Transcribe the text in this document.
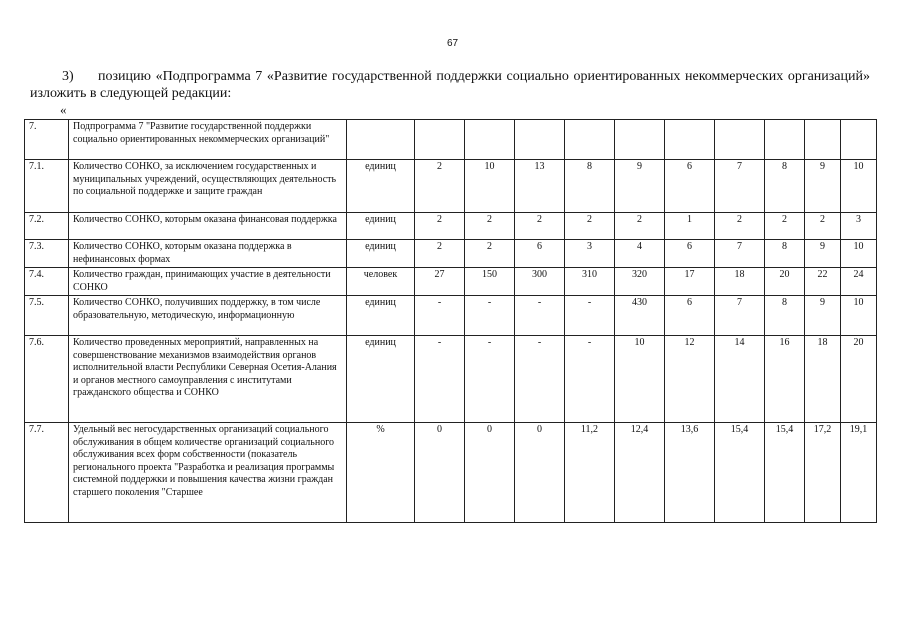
67
3) позицию «Подпрограмма 7 «Развитие государственной поддержки социально ориентированных некоммерческих организаций» изложить в следующей редакции:
«
7.	Подпрограмма 7 "Развитие государственной поддержки социально ориентированных некоммерческих организаций"											
7.1.	Количество СОНКО, за исключением государственных и муниципальных учреждений, осуществляющих деятельность по социальной поддержке и защите граждан	единиц	2	10	13	8	9	6	7	8	9	10
7.2.	Количество СОНКО, которым оказана финансовая поддержка	единиц	2	2	2	2	2	1	2	2	2	3
7.3.	Количество СОНКО, которым оказана поддержка в нефинансовых формах	единиц	2	2	6	3	4	6	7	8	9	10
7.4.	Количество граждан, принимающих участие в деятельности СОНКО	человек	27	150	300	310	320	17	18	20	22	24
7.5.	Количество СОНКО, получивших поддержку, в том числе образовательную, методическую, информационную	единиц	-	-	-	-	430	6	7	8	9	10
7.6.	Количество проведенных мероприятий, направленных на совершенствование механизмов взаимодействия органов исполнительной власти Республики Северная Осетия-Алания и органов местного самоуправления с институтами гражданского общества и СОНКО	единиц	-	-	-	-	10	12	14	16	18	20
7.7.	Удельный вес негосударственных организаций социального обслуживания в общем количестве организаций социального обслуживания всех форм собственности (показатель регионального проекта "Разработка и реализация программы системной поддержки и повышения качества жизни граждан старшего поколения "Старшее	%	0	0	0	11,2	12,4	13,6	15,4	15,4	17,2	19,1
